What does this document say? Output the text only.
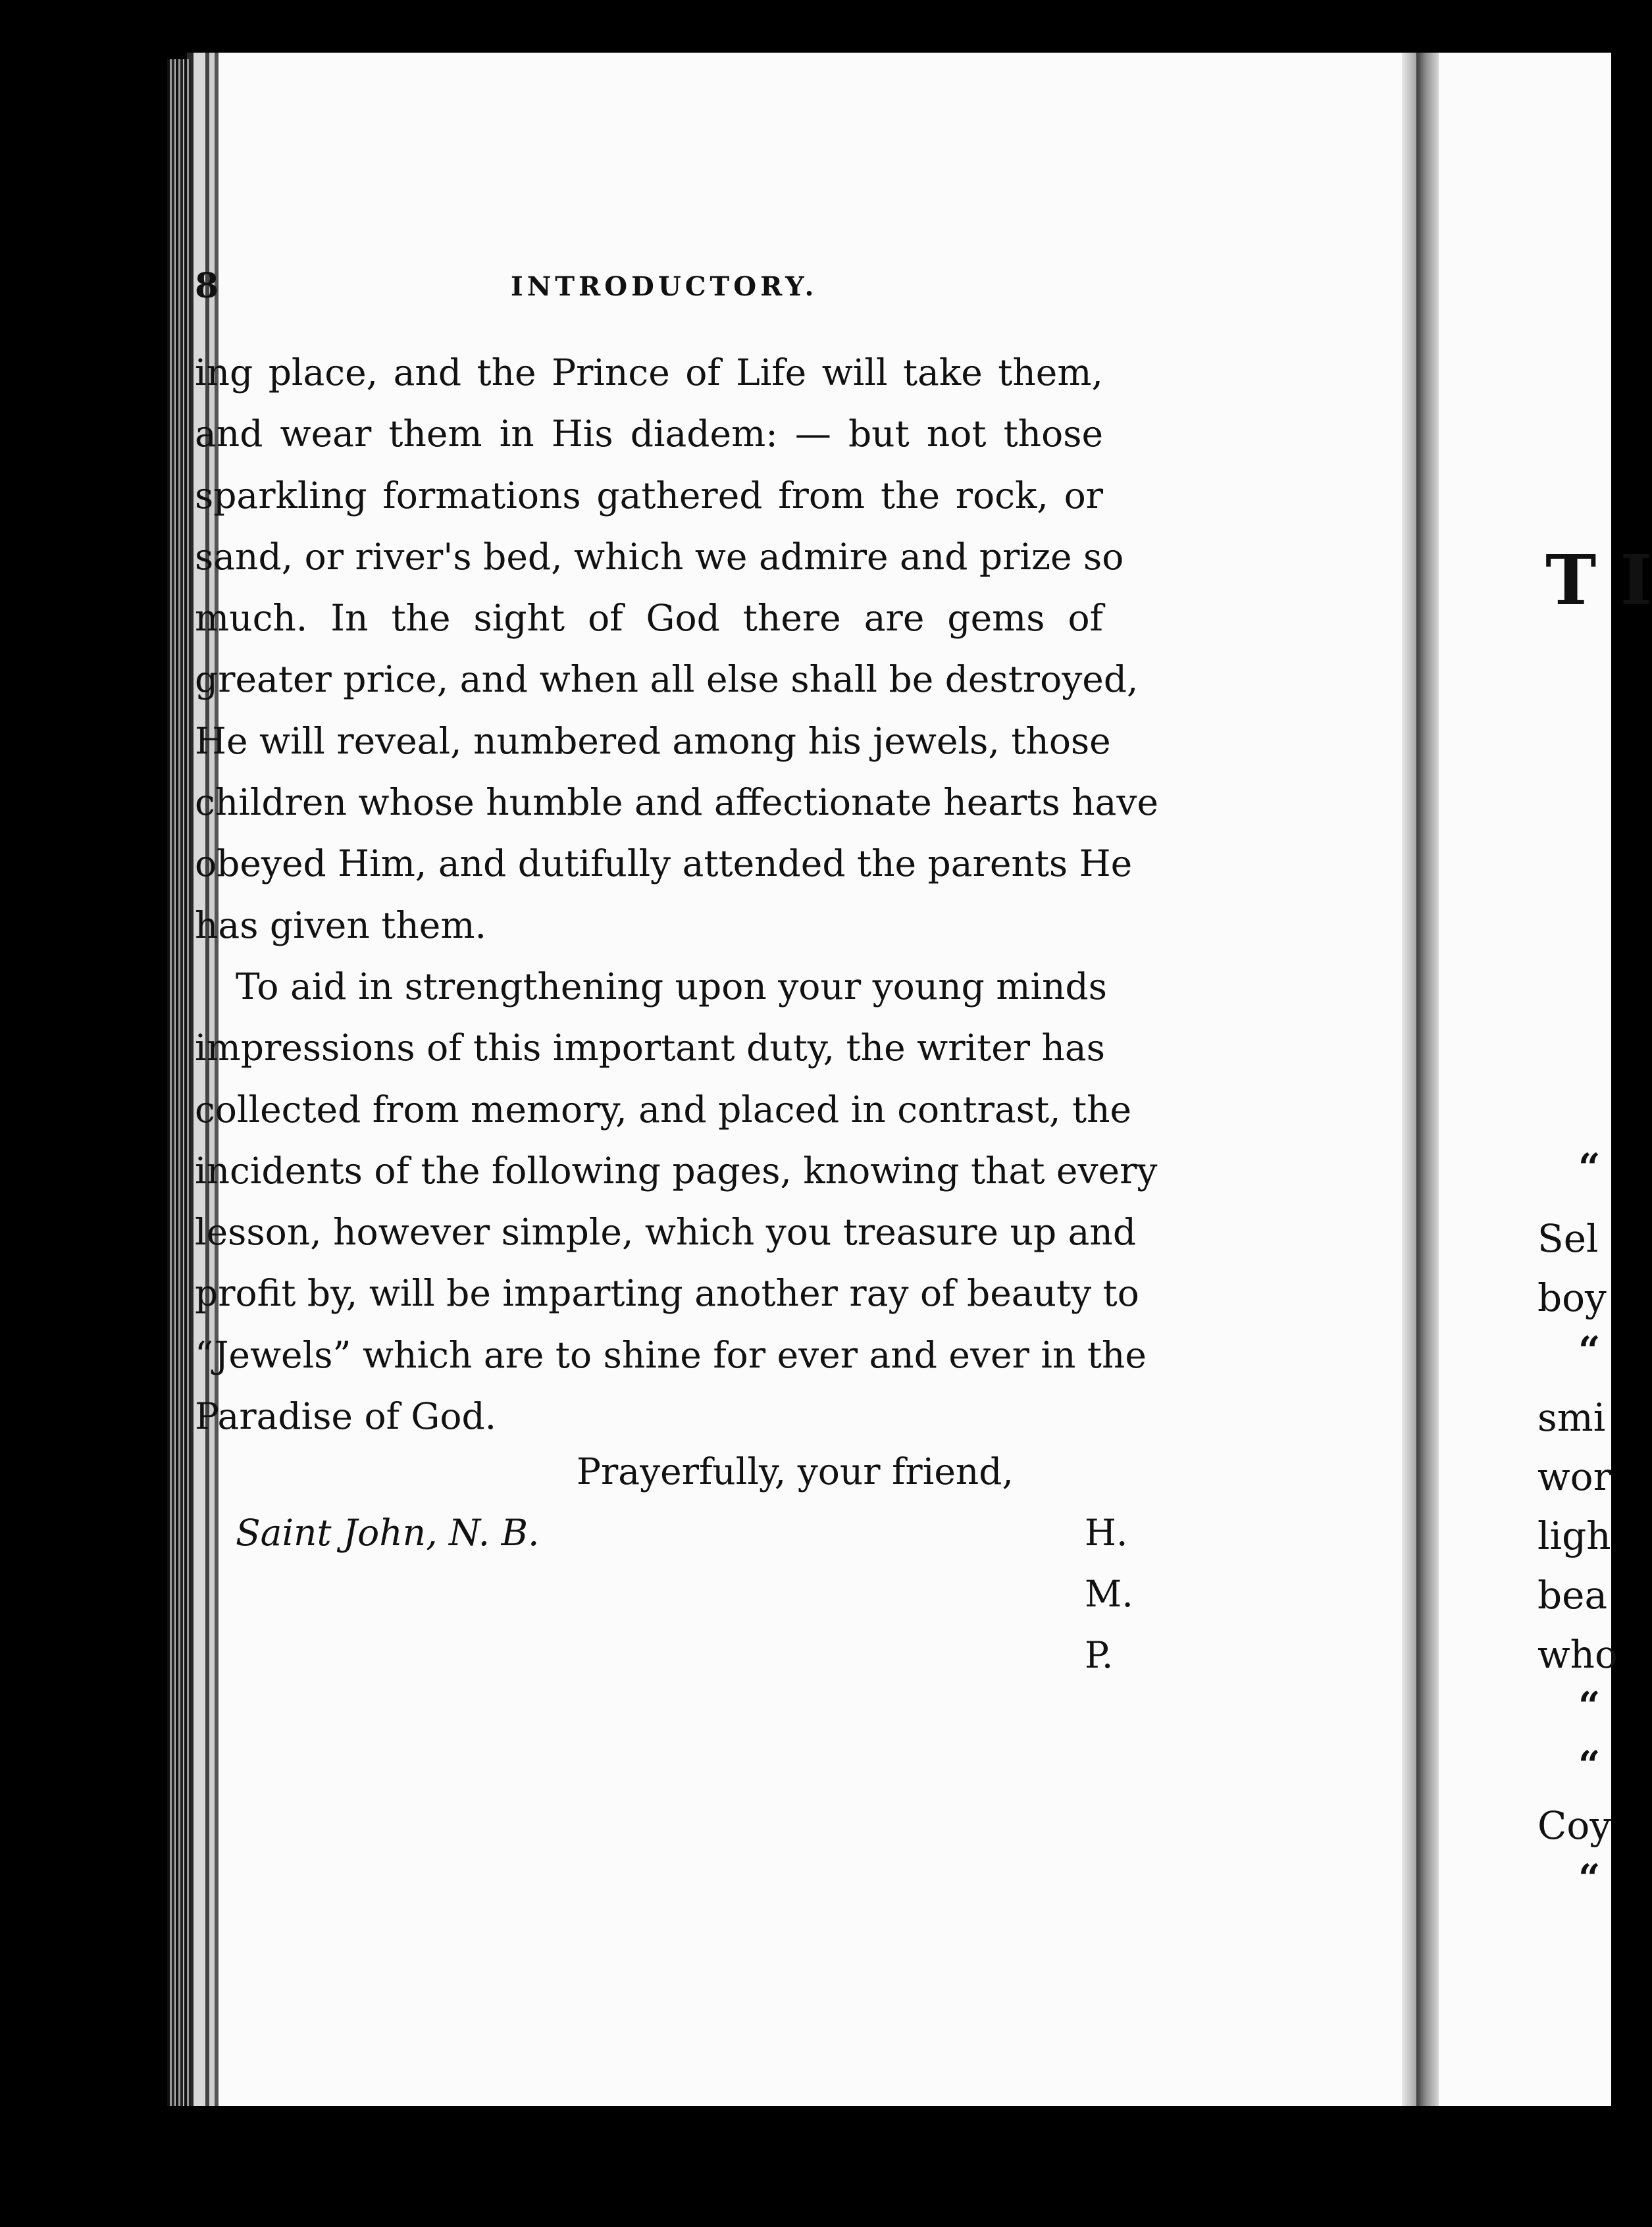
T I
“
Sel
boy
“
smi
wor
ligh
bea
who
“
“
Coy
“
8	INTRODUCTORY.
ing place, and the Prince of Life will take them,
and wear them in His diadem: — but not those
sparkling formations gathered from the rock, or
sand, or river's bed, which we admire and prize so
much. In the sight of God there are gems of
greater price, and when all else shall be destroyed,
He will reveal, numbered among his jewels, those
children whose humble and affectionate hearts have
obeyed Him, and dutifully attended the parents He
has given them.
To aid in strengthening upon your young minds
impressions of this important duty, the writer has
collected from memory, and placed in contrast, the
incidents of the following pages, knowing that every
lesson, however simple, which you treasure up and
profit by, will be imparting another ray of beauty to
“Jewels” which are to shine for ever and ever in the
Paradise of God.
Prayerfully, your friend,
Saint John, N. B.	H. M. P.
